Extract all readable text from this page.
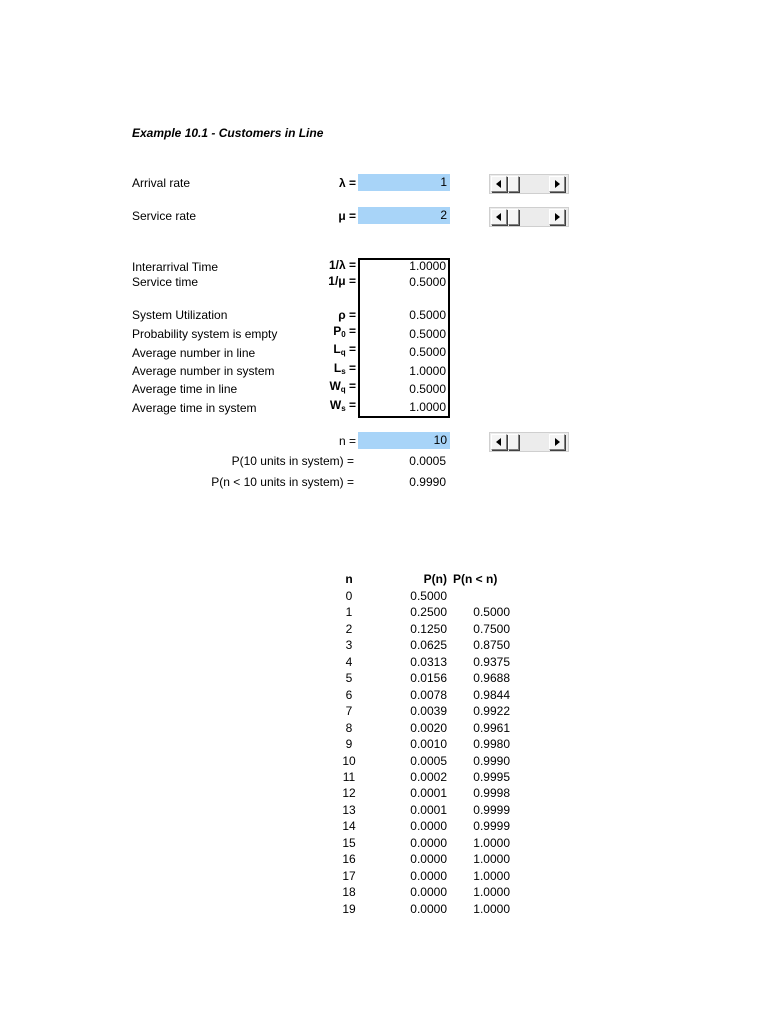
Example 10.1 - Customers in Line
Arrival rate	λ =	1
Service rate	μ =	2
Interarrival Time	1/λ =	1.0000
Service time	1/μ =	0.5000
System Utilization	ρ =	0.5000
Probability system is empty	$P_0$ =	0.5000
Average number in line	$L_q$ =	0.5000
Average number in system	$L_s$ =	1.0000
Average time in line	$W_q$ =	0.5000
Average time in system	$W_s$ =	1.0000
n =	10
P(10 units in system) =	0.0005
P(n < 10 units in system) =	0.9990
n	P(n) P(n < n)
0	0.5000
1	0.2500	0.5000
2	0.1250	0.7500
3	0.0625	0.8750
4	0.0313	0.9375
5	0.0156	0.9688
6	0.0078	0.9844
7	0.0039	0.9922
8	0.0020	0.9961
9	0.0010	0.9980
10	0.0005	0.9990
11	0.0002	0.9995
12	0.0001	0.9998
13	0.0001	0.9999
14	0.0000	0.9999
15	0.0000	1.0000
16	0.0000	1.0000
17	0.0000	1.0000
18	0.0000	1.0000
19	0.0000	1.0000
